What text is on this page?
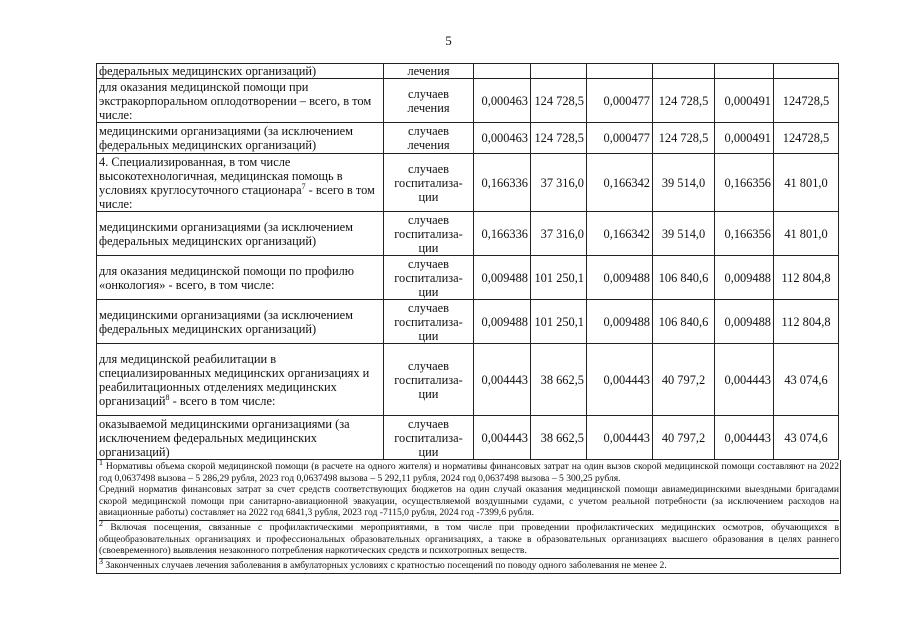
5
федеральных медицинских организаций)	лечения						
для оказания медицинской помощи при экстракорпоральном оплодотворении – всего, в том числе:	случаев лечения	0,000463	124 728,5	0,000477	124 728,5	0,000491	124728,5
медицинскими организациями (за исключением федеральных медицинских организаций)	случаев лечения	0,000463	124 728,5	0,000477	124 728,5	0,000491	124728,5
4. Специализированная, в том числе высокотехнологичная, медицинская помощь в условиях круглосуточного стационара$^7$ - всего в том числе:	случаев госпитализа-ции	0,166336	37 316,0	0,166342	39 514,0	0,166356	41 801,0
медицинскими организациями (за исключением федеральных медицинских организаций)	случаев госпитализа-ции	0,166336	37 316,0	0,166342	39 514,0	0,166356	41 801,0
для оказания медицинской помощи по профилю «онкология» - всего, в том числе:	случаев госпитализа-ции	0,009488	101 250,1	0,009488	106 840,6	0,009488	112 804,8
медицинскими организациями (за исключением федеральных медицинских организаций)	случаев госпитализа-ции	0,009488	101 250,1	0,009488	106 840,6	0,009488	112 804,8
для медицинской реабилитации в специализированных медицинских организациях и реабилитационных отделениях медицинских организаций$^8$ - всего в том числе:	случаев госпитализа-ции	0,004443	38 662,5	0,004443	40 797,2	0,004443	43 074,6
оказываемой медицинскими организациями (за исключением федеральных медицинских организаций)	случаев госпитализа-ции	0,004443	38 662,5	0,004443	40 797,2	0,004443	43 074,6

$^1$ Нормативы объема скорой медицинской помощи (в расчете на одного жителя) и нормативы финансовых затрат на один вызов скорой медицинской помощи составляют на 2022 год 0,0637498 вызова – 5 286,29 рубля, 2023 год 0,0637498 вызова – 5 292,11 рубля, 2024 год 0,0637498 вызова – 5 300,25 рубля.

Средний норматив финансовых затрат за счет средств соответствующих бюджетов на один случай оказания медицинской помощи авиамедицинскими выездными бригадами скорой медицинской помощи при санитарно-авиационной эвакуации, осуществляемой воздушными судами, с учетом реальной потребности (за исключением расходов на авиационные работы) составляет на 2022 год 6841,3 рубля, 2023 год -7115,0 рубля, 2024 год -7399,6 рубля.

$^2$ Включая посещения, связанные с профилактическими мероприятиями, в том числе при проведении профилактических медицинских осмотров, обучающихся в общеобразовательных организациях и профессиональных образовательных организациях, а также в образовательных организациях высшего образования в целях раннего (своевременного) выявления незаконного потребления наркотических средств и психотропных веществ.

$^3$ Законченных случаев лечения заболевания в амбулаторных условиях с кратностью посещений по поводу одного заболевания не менее 2.
